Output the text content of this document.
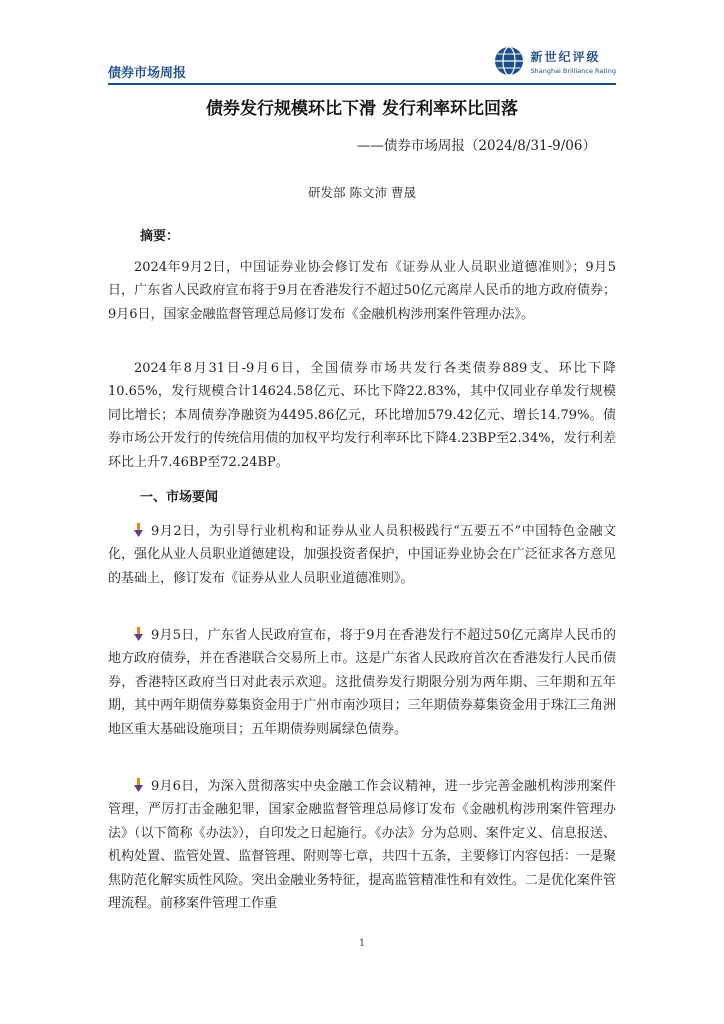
债券市场周报
新世纪评级
Shanghai Brilliance Rating
债券发行规模环比下滑 发行利率环比回落
——债券市场周报（2024/8/31-9/06）
研发部 陈文沛 曹晟
摘要：
2024年9月2日，中国证券业协会修订发布《证券从业人员职业道德准则》；9月5日，广东省人民政府宣布将于9月在香港发行不超过50亿元离岸人民币的地方政府债券；9月6日，国家金融监督管理总局修订发布《金融机构涉刑案件管理办法》。
2024年8月31日-9月6日，全国债券市场共发行各类债券889支、环比下降10.65%，发行规模合计14624.58亿元、环比下降22.83%，其中仅同业存单发行规模同比增长；本周债券净融资为4495.86亿元，环比增加579.42亿元、增长14.79%。债券市场公开发行的传统信用债的加权平均发行利率环比下降4.23BP至2.34%，发行利差环比上升7.46BP至72.24BP。
一、市场要闻
9月2日，为引导行业机构和证券从业人员积极践行“五要五不”中国特色金融文化，强化从业人员职业道德建设，加强投资者保护，中国证券业协会在广泛征求各方意见的基础上，修订发布《证券从业人员职业道德准则》。
9月5日，广东省人民政府宣布，将于9月在香港发行不超过50亿元离岸人民币的地方政府债券，并在香港联合交易所上市。这是广东省人民政府首次在香港发行人民币债券，香港特区政府当日对此表示欢迎。这批债券发行期限分别为两年期、三年期和五年期，其中两年期债券募集资金用于广州市南沙项目；三年期债券募集资金用于珠江三角洲地区重大基础设施项目；五年期债券则属绿色债券。
9月6日，为深入贯彻落实中央金融工作会议精神，进一步完善金融机构涉刑案件管理，严厉打击金融犯罪，国家金融监督管理总局修订发布《金融机构涉刑案件管理办法》（以下简称《办法》），自印发之日起施行。《办法》分为总则、案件定义、信息报送、机构处置、监管处置、监督管理、附则等七章，共四十五条，主要修订内容包括：一是聚焦防范化解实质性风险。突出金融业务特征，提高监管精准性和有效性。二是优化案件管理流程。前移案件管理工作重
1
